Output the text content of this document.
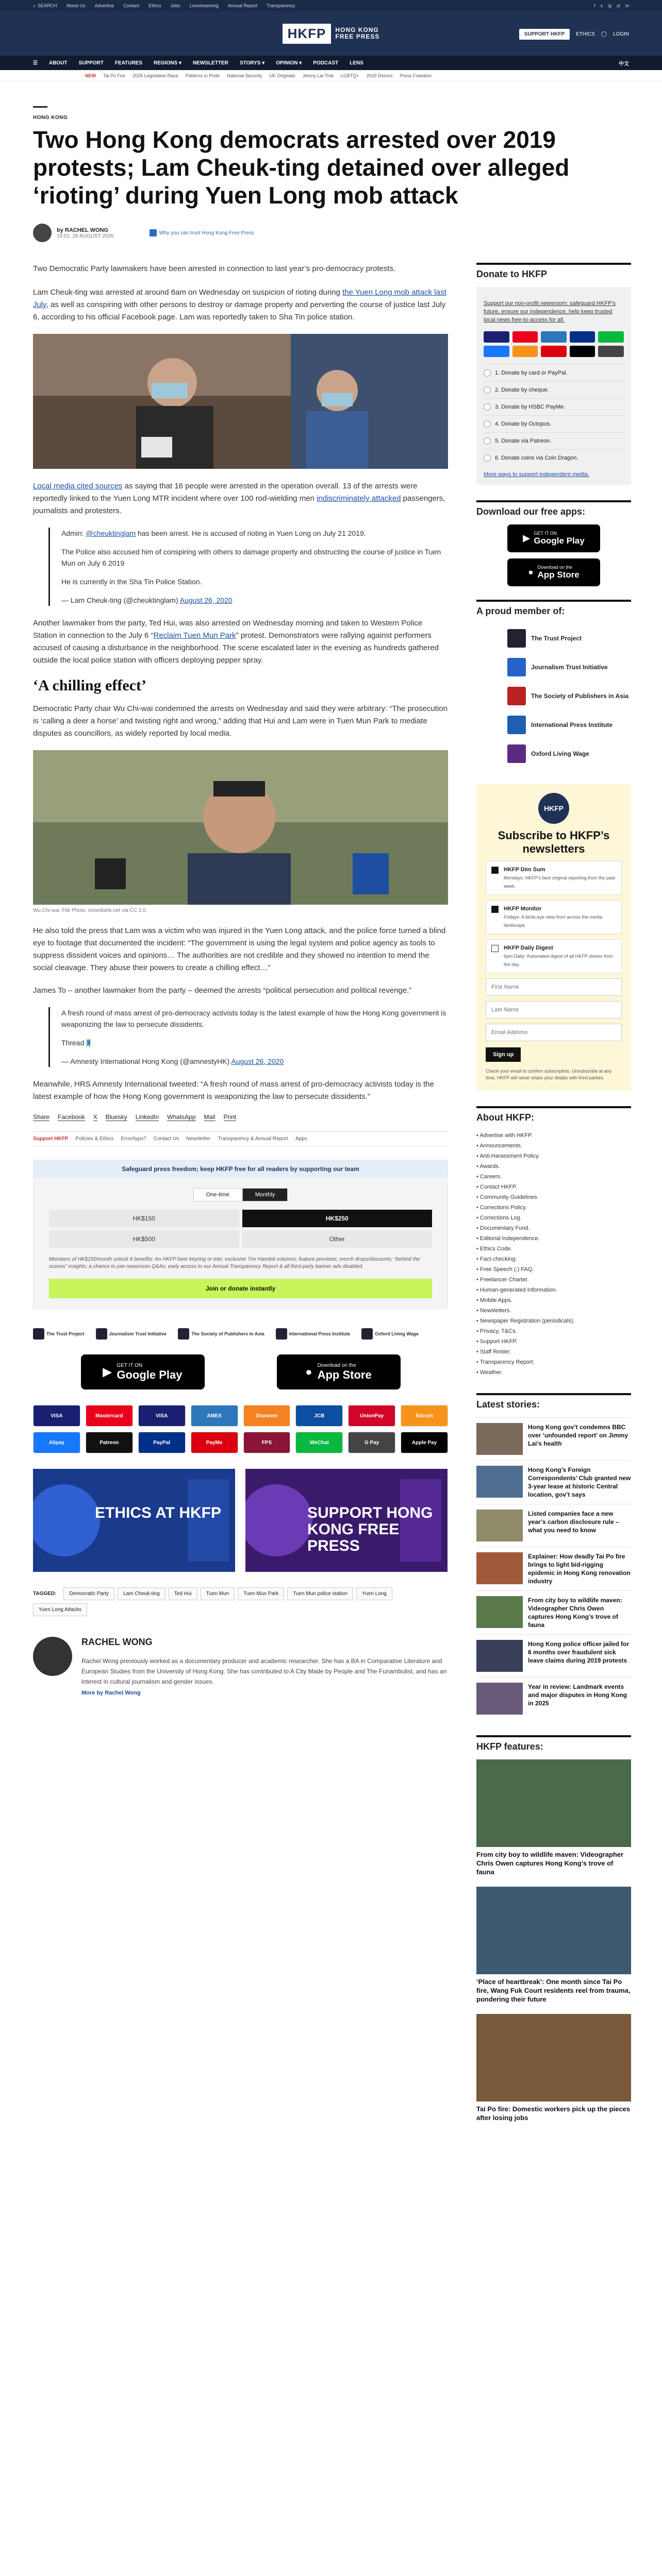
⌕ SEARCH About Us Advertise Contact Ethics Jobs Livestreaming Annual Report Transparency	f x ig yt in
HKFP	HONG KONG
FREE PRESS	SUPPORT HKFP	ETHICS ◯ LOGIN
☰ ABOUT SUPPORT FEATURES REGIONS ▾ NEWSLETTER STORYS ▾ OPINION ▾ PODCAST LENS	中文
NEW Tai Po Fire 2025 Legislative Race Patterns in Pride National Security UK Originals Jimmy Lai Trial LGBTQ+ 2019 Demos Press Freedom
HONG KONG
Two Hong Kong democrats arrested over 2019 protests; Lam Cheuk-ting detained over alleged ‘rioting’ during Yuen Long mob attack
by RACHEL WONG
19:51, 26 AUGUST 2020
Why you can trust Hong Kong Free Press

Two Democratic Party lawmakers have been arrested in connection to last year’s pro-democracy protests.

Lam Cheuk-ting was arrested at around 6am on Wednesday on suspicion of rioting during the Yuen Long mob attack last July, as well as conspiring with other persons to destroy or damage property and perverting the course of justice last July 6, according to his official Facebook page. Lam was reportedly taken to Sha Tin police station.

Local media cited sources as saying that 16 people were arrested in the operation overall. 13 of the arrests were reportedly linked to the Yuen Long MTR incident where over 100 rod-wielding men indiscriminately attacked passengers, journalists and protesters.

Admin: @cheuktinglam has been arrest. He is accused of rioting in Yuen Long on July 21 2019.

The Police also accused him of conspiring with others to damage property and obstructing the course of justice in Tuen Mun on July 6 2019

He is currently in the Sha Tin Police Station.

— Lam Cheuk-ting (@cheuktinglam) August 26, 2020

Another lawmaker from the party, Ted Hui, was also arrested on Wednesday morning and taken to Western Police Station in connection to the July 6 “Reclaim Tuen Mun Park” protest. Demonstrators were rallying against performers accused of causing a disturbance in the neighborhood. The scene escalated later in the evening as hundreds gathered outside the local police station with officers deploying pepper spray.

‘A chilling effect’

Democratic Party chair Wu Chi-wai condemned the arrests on Wednesday and said they were arbitrary: “The prosecution is ‘calling a deer a horse’ and twisting right and wrong,” adding that Hui and Lam were in Tuen Mun Park to mediate disputes as councillors, as widely reported by local media.

Wu Chi-wai. File Photo: inmediahk.net via CC 2.0.

He also told the press that Lam was a victim who was injured in the Yuen Long attack, and the police force turned a blind eye to footage that documented the incident: “The government is using the legal system and police agency as tools to suppress dissident voices and opinions… The authorities are not credible and they showed no intention to mend the social cleavage. They abuse their powers to create a chilling effect…”

James To – another lawmaker from the party – deemed the arrests “political persecution and political revenge.”

A fresh round of mass arrest of pro-democracy activists today is the latest example of how the Hong Kong government is weaponizing the law to persecute dissidents.

Thread🧵

— Amnesty International Hong Kong (@amnestyHK) August 26, 2020

Meanwhile, HRS Amnesty International tweeted: “A fresh round of mass arrest of pro-democracy activists today is the latest example of how the Hong Kong government is weaponizing the law to persecute dissidents.”

Share Facebook X Bluesky LinkedIn WhatsApp Mail Print
Support HKFP Policies & Ethics Error/typo? Contact Us Newsletter Transparency & Annual Report Apps
Safeguard press freedom; keep HKFP free for all readers by supporting our team
One-time	Monthly
HK$150	HK$250
HK$500	Other
Members of HK$150/month unlock 8 benefits: An HKFP beer keyring or tote; exclusive Tim Hamlett columns; feature previews; merch drops/discounts; “behind the scenes” insights; a chance to join newsroom Q&As; early access to our Annual Transparency Report & all third-party banner ads disabled.
Join or donate instantly
The Trust Project	Journalism Trust Initiative	The Society of Publishers in Asia	International Press Institute	Oxford Living Wage
▶ GET IT ON
Google Play	● Download on the
App Store
VISA	Mastercard	VISA	AMEX	Discover	JCB	UnionPay	Bitcoin
Alipay	Patreon	PayPal	PayMe	FPS	WeChat	G Pay	Apple Pay
ETHICS AT HKFP	SUPPORT HONG KONG FREE PRESS
TAGGED:	Democratic Party	Lam Cheuk-ting	Ted Hui	Tuen Mun	Tuen Mun Park	Tuen Mun police station	Yuen Long
Yuen Long Attacks
RACHEL WONG

Rachel Wong previously worked as a documentary producer and academic researcher. She has a BA in Comparative Literature and European Studies from the University of Hong Kong. She has contributed to A City Made by People and The Funambulist, and has an interest in cultural journalism and gender issues.

More by Rachel Wong
Donate to HKFP
Support our non-profit newsroom: safeguard HKFP’s future, ensure our independence, help keep trusted local news free-to-access for all.
1. Donate by card or PayPal.
2. Donate by cheque.
3. Donate by HSBC PayMe.
4. Donate by Octopus.
5. Donate via Patreon.
6. Donate coins via Coin Dragon.
More ways to support independent media.
Download our free apps:
▶ GET IT ON
Google Play
● Download on the
App Store
A proud member of:
The Trust Project
Journalism Trust Initiative
The Society of Publishers in Asia
International Press Institute
Oxford Living Wage
HKFP
Subscribe to HKFP’s newsletters
HKFP Dim Sum
Mondays: HKFP’s best original reporting from the past week.
HKFP Monitor
Fridays: A birds-eye view from across the media landscape.
HKFP Daily Digest
6pm Daily: Automated digest of all HKFP stories from the day.
First Name Last Name Email Address
Sign up
Check your email to confirm subscription. Unsubscribe at any time. HKFP will never share your details with third parties.
About HKFP:
• Advertise with HKFP.
• Announcements.
• Anti-Harassment Policy.
• Awards.
• Careers.
• Contact HKFP.
• Community Guidelines.
• Corrections Policy.
• Corrections Log.
• Documentary Fund.
• Editorial Independence.
• Ethics Code.
• Fact-checking.
• Free Speech (.) FAQ.
• Freelancer Charter.
• Human-generated Information.
• Mobile Apps.
• Newsletters.
• Newspaper Registration (periodicals).
• Privacy, T&Cs.
• Support HKFP.
• Staff Roster.
• Transparency Report.
• Weather.
Latest stories:
Hong Kong gov’t condemns BBC over ‘unfounded report’ on Jimmy Lai’s health
Hong Kong’s Foreign Correspondents’ Club granted new 3-year lease at historic Central location, gov’t says
Listed companies face a new year’s carbon disclosure rule – what you need to know
Explainer: How deadly Tai Po fire brings to light bid-rigging epidemic in Hong Kong renovation industry
From city boy to wildlife maven: Videographer Chris Owen captures Hong Kong’s trove of fauna
Hong Kong police officer jailed for 6 months over fraudulent sick leave claims during 2019 protests
Year in review: Landmark events and major disputes in Hong Kong in 2025
HKFP features:
From city boy to wildlife maven: Videographer Chris Owen captures Hong Kong’s trove of fauna
‘Place of heartbreak’: One month since Tai Po fire, Wang Fuk Court residents reel from trauma, pondering their future
Tai Po fire: Domestic workers pick up the pieces after losing jobs
